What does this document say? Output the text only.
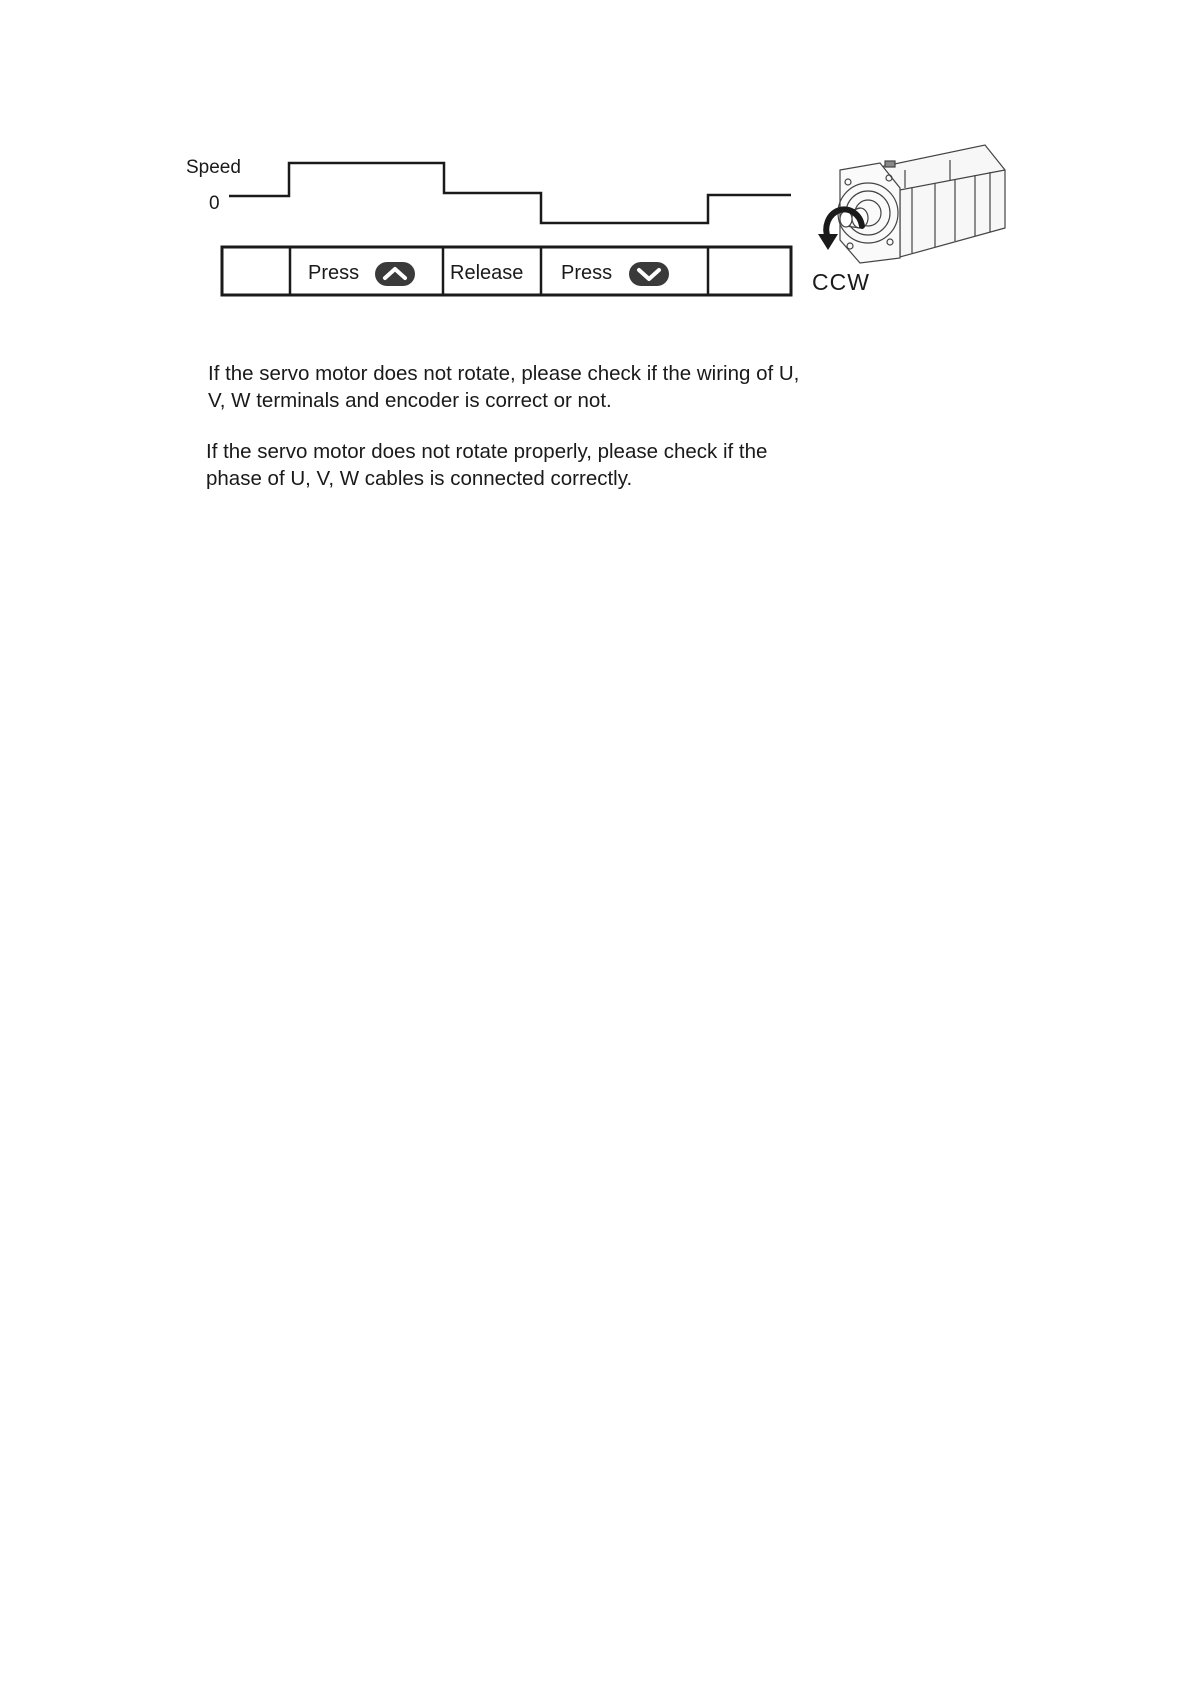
Speed
0
Press	Release Press	CCW

If the servo motor does not rotate, please check if the wiring of U, V, W terminals and encoder is correct or not.

If the servo motor does not rotate properly, please check if the phase of U, V, W cables is connected correctly.
